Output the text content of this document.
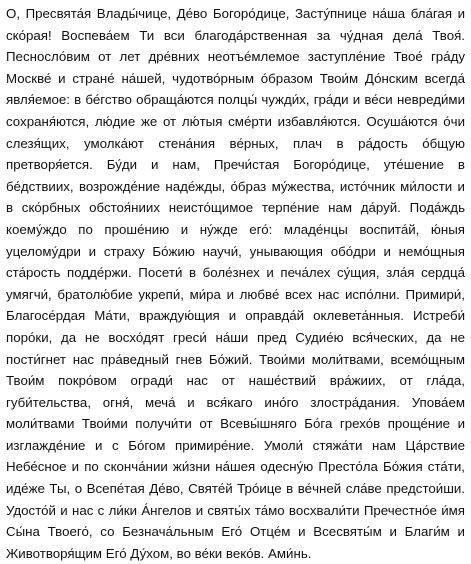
О, Пресвята́я Влады́чице, Де́во Богоро́дице, Засту́пнице на́ша бла́гая и
ско́рая! Воспева́ем Ти вси благода́рственная за чу́дная дела́ Твоя́.
Песносло́вим от лет дре́вних неотъе́млемое заступле́ние Твое́ гра́ду
Москве́ и стране́ на́шей, чудотво́рным о́бразом Твои́м До́нским всегда́
явля́емое: в бе́гство обраща́ются полцы́ чужди́х, гра́ди и ве́си невреди́ми
сохраня́ются, лю́дие же от лю́тыя сме́рти избавля́ются. Осуша́ются о́чи
слезя́щих, умолка́ют стена́ния ве́рных, плач в ра́дость о́бщую
претворя́ется. Бу́ди и нам, Пречи́стая Богоро́дице, уте́шение в
бе́дствиих, возрожде́ние наде́жды, о́браз му́жества, исто́чник ми́лости и
в ско́рбных обстоя́ниих неисто́щимое терпе́ние нам да́руй. Пода́ждь
коему́ждо по проше́нию и ну́жде его́: младе́нцы воспита́й, ю́ныя
уцелому́дри и страху Бо́жию научи́, унывающия обо́дри и немо́щныя
ста́рость подде́ржи. Посети́ в боле́знех и печа́лех су́щия, зла́я сердца́
умягчи́, братолю́бие укрепи́, ми́ра и любве́ всех нас испо́лни. Примири́,
Благосе́рдая Ма́ти, враждую́щия и оправда́й оклевета́нныя. Истреби́
поро́ки, да не восхо́дят греси́ на́ши пред Судие́ю вся́ческих, да не
пости́гнет нас пра́ведный гнев Бо́жий. Твои́ми моли́твами, всемо́щным
Твои́м покро́вом огради́ нас от наше́ствий вра́жиих, от гла́да,
губи́тельства, огня́, меча́ и вся́каго ино́го злостра́дания. Упова́ем
моли́твами Твои́ми получи́ти от Всевы́шняго Бо́га грехо́в проще́ние и
изглажде́ние и с Бо́гом примире́ние. Умоли́ стяжа́ти нам Ца́рствие
Небе́сное и по сконча́нии жи́зни на́шея одесну́ю Престо́ла Бо́жия ста́ти,
иде́же Ты, о Всепе́тая Де́во, Святе́й Тро́ице в ве́чней сла́ве предстои́ши.
Удосто́й и нас с ли́ки А́нгелов и святы́х та́мо восхвали́ти Пречестно́е и́мя
Сы́на Твоего́, со Безнача́льным Его́ Отце́м и Всесвяты́м и Благи́м и
Животворя́щим Его́ Ду́хом, во ве́ки веко́в. Ами́нь.
